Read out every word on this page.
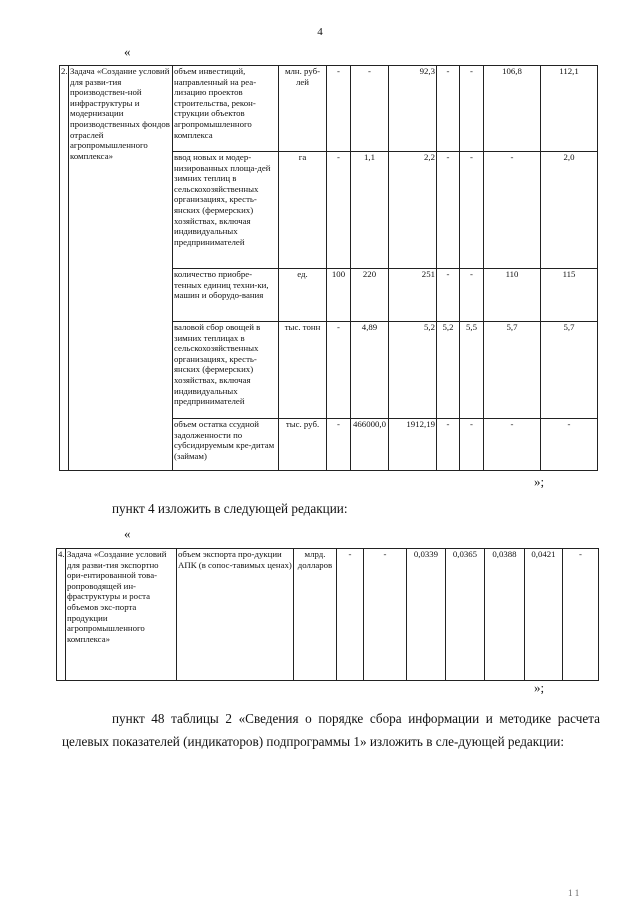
4
«
2.	Задача «Создание условий для разви-тия производствен-ной инфраструктуры и модернизации производственных фондов отраслей агропромышленного комплекса»	объем инвестиций, направленный на реа-лизацию проектов строительства, рекон-струкции объектов агропромышленного комплекса	млн. руб-лей	-	-	92,3	-	-	106,8	112,1
		ввод новых и модер-низированных площа-дей зимних теплиц в сельскохозяйственных организациях, кресть-янских (фермерских) хозяйствах, включая индивидуальных предпринимателей	га	-	1,1	2,2	-	-	-	2,0
		количество приобре-тенных единиц техни-ки, машин и оборудо-вания	ед.	100	220	251	-	-	110	115
		валовой сбор овощей в зимних теплицах в сельскохозяйственных организациях, кресть-янских (фермерских) хозяйствах, включая индивидуальных предпринимателей	тыс. тонн	-	4,89	5,2	5,2	5,5	5,7	5,7
		объем остатка ссудной задолженности по субсидируемым кре-дитам (займам)	тыс. руб.	-	466000,0	1912,19	-	-	-	-
»;
пункт 4 изложить в следующей редакции:
«
4.	Задача «Создание условий для разви-тия экспортно ори-ентированной това-ропроводящей ин-фраструктуры и роста объемов экс-порта продукции агропромышленного комплекса»	объем экспорта про-дукции АПК (в сопос-тавимых ценах)	млрд. долларов	-	-	0,0339	0,0365	0,0388	0,0421	-
»;
пункт 48 таблицы 2 «Сведения о порядке сбора информации и методике расчета целевых показателей (индикаторов) подпрограммы 1» изложить в сле-дующей редакции:
1 1
